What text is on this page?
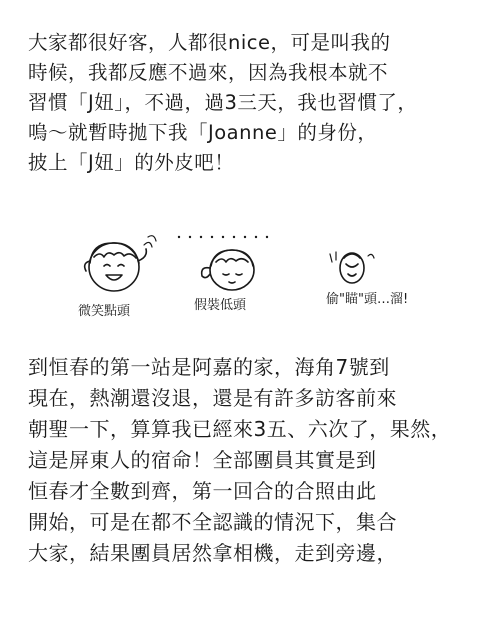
大家都很好客，人都很nice，可是叫我的
時候，我都反應不過來，因為我根本就不
習慣「J妞」，不過，過3三天，我也習慣了，
嗚～就暫時拋下我「Joanne」的身份，
披上「J妞」的外皮吧！
微笑點頭	假裝低頭	偷"瞄"頭…溜!
到恒春的第一站是阿嘉的家，海角7號到
現在，熱潮還沒退，還是有許多訪客前來
朝聖一下，算算我已經來3五、六次了，果然，
這是屏東人的宿命！全部團員其實是到
恒春才全數到齊，第一回合的合照由此
開始，可是在都不全認識的情況下，集合
大家，結果團員居然拿相機，走到旁邊，
